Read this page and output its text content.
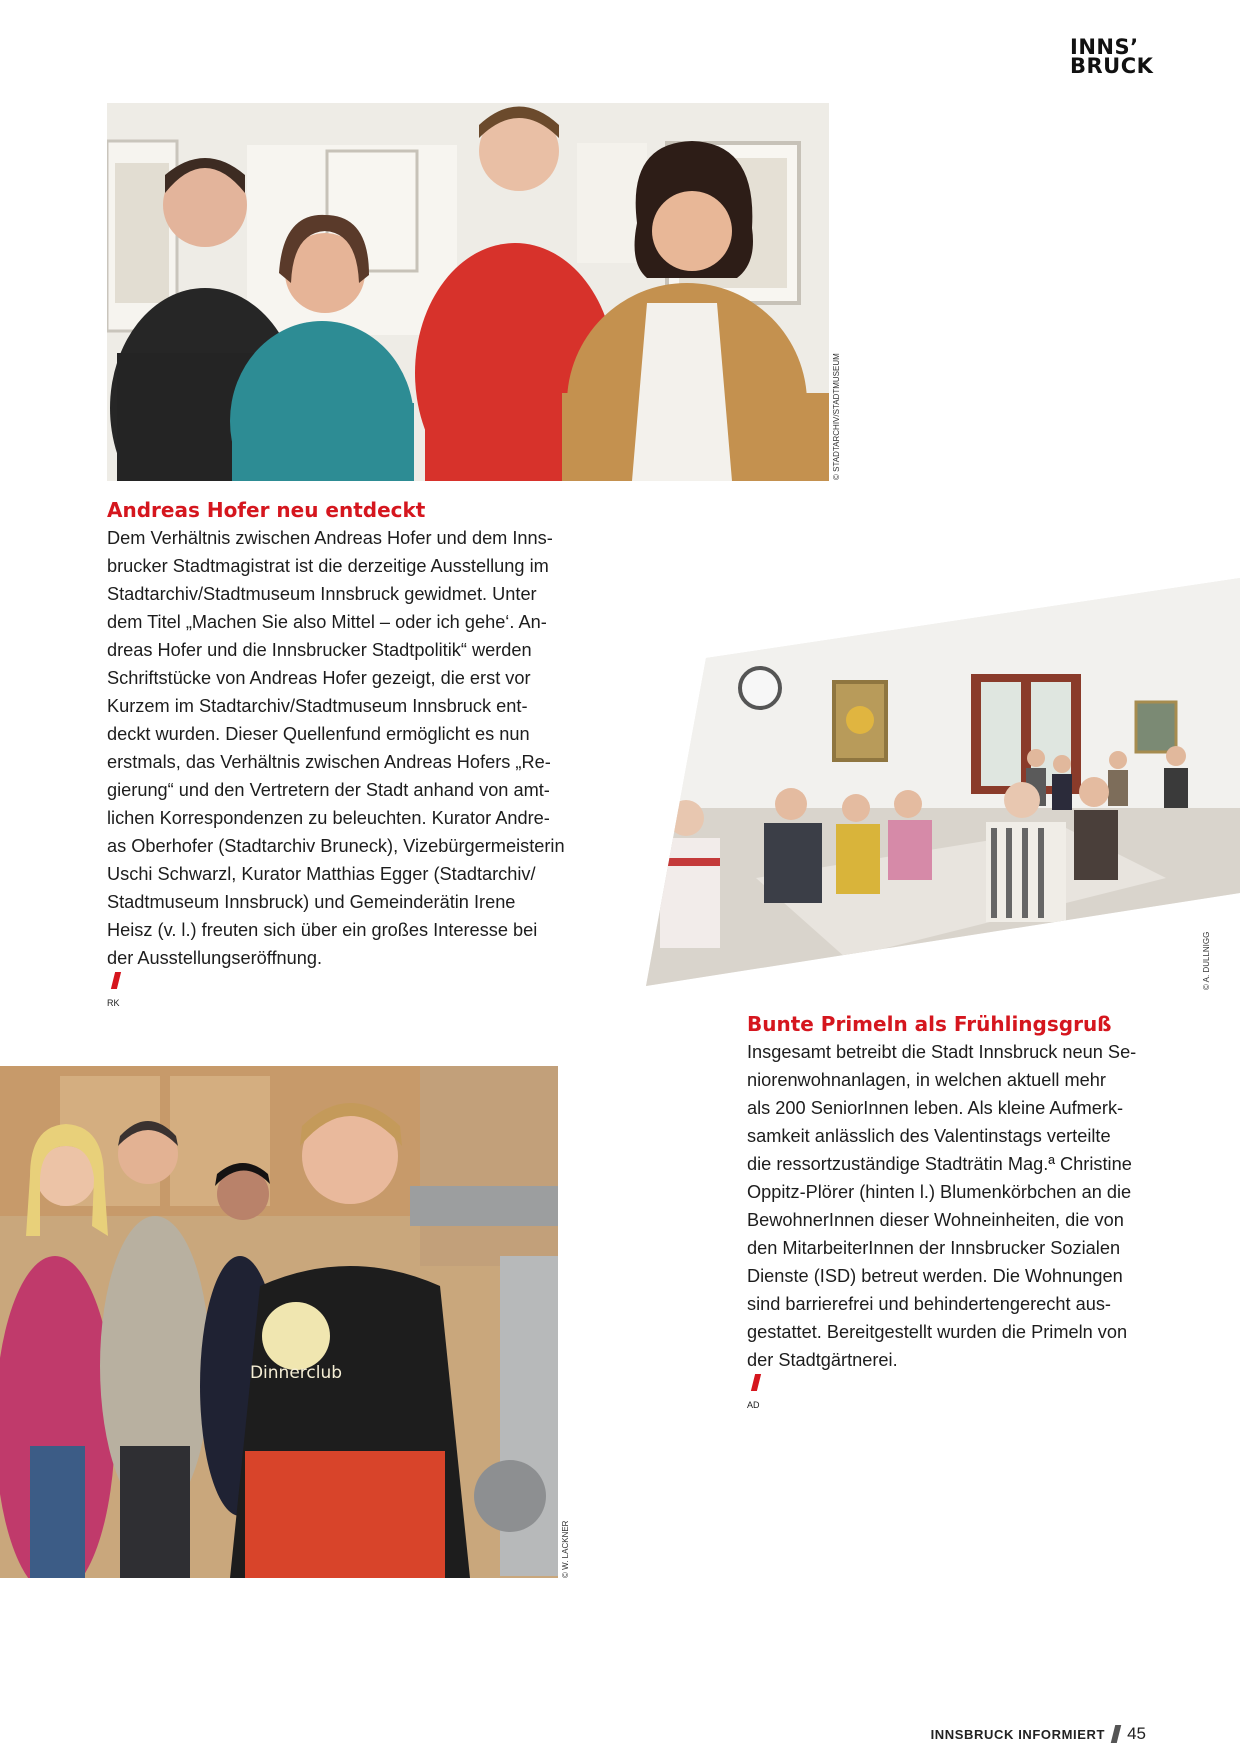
INNS’
BRUCK
© STADTARCHIV/STADTMUSEUM
Andreas Hofer neu entdeckt
Dem Verhältnis zwischen Andreas Hofer und dem Inns-
brucker Stadtmagistrat ist die derzeitige Ausstellung im
Stadtarchiv/Stadtmuseum Innsbruck gewidmet. Unter
dem Titel „Machen Sie also Mittel – oder ich gehe‘. An-
dreas Hofer und die Innsbrucker Stadtpolitik“ werden
Schriftstücke von Andreas Hofer gezeigt, die erst vor
Kurzem im Stadtarchiv/Stadtmuseum Innsbruck ent-
deckt wurden. Dieser Quellenfund ermöglicht es nun
erstmals, das Verhältnis zwischen Andreas Hofers „Re-
gierung“ und den Vertretern der Stadt anhand von amt-
lichen Korrespondenzen zu beleuchten. Kurator Andre-
as Oberhofer (Stadtarchiv Bruneck), Vizebürgermeisterin
Uschi Schwarzl, Kurator Matthias Egger (Stadtarchiv/
Stadtmuseum Innsbruck) und Gemeinderätin Irene
Heisz (v. l.) freuten sich über ein großes Interesse bei
der Ausstellungseröffnung.
$^{RK}$
© A. DULLNIGG
Bunte Primeln als Frühlingsgruß
Insgesamt betreibt die Stadt Innsbruck neun Se-
niorenwohnanlagen, in welchen aktuell mehr
als 200 SeniorInnen leben. Als kleine Aufmerk-
samkeit anlässlich des Valentinstags verteilte
die ressortzuständige Stadträtin Mag.ª Christine
Oppitz-Plörer (hinten l.) Blumenkörbchen an die
BewohnerInnen dieser Wohneinheiten, die von
den MitarbeiterInnen der Innsbrucker Sozialen
Dienste (ISD) betreut werden. Die Wohnungen
sind barrierefrei und behindertengerecht aus-
gestattet. Bereitgestellt wurden die Primeln von
der Stadtgärtnerei.
$^{AD}$
Dinnerclub
© W. LACKNER
INNSBRUCK INFORMIERT 45
